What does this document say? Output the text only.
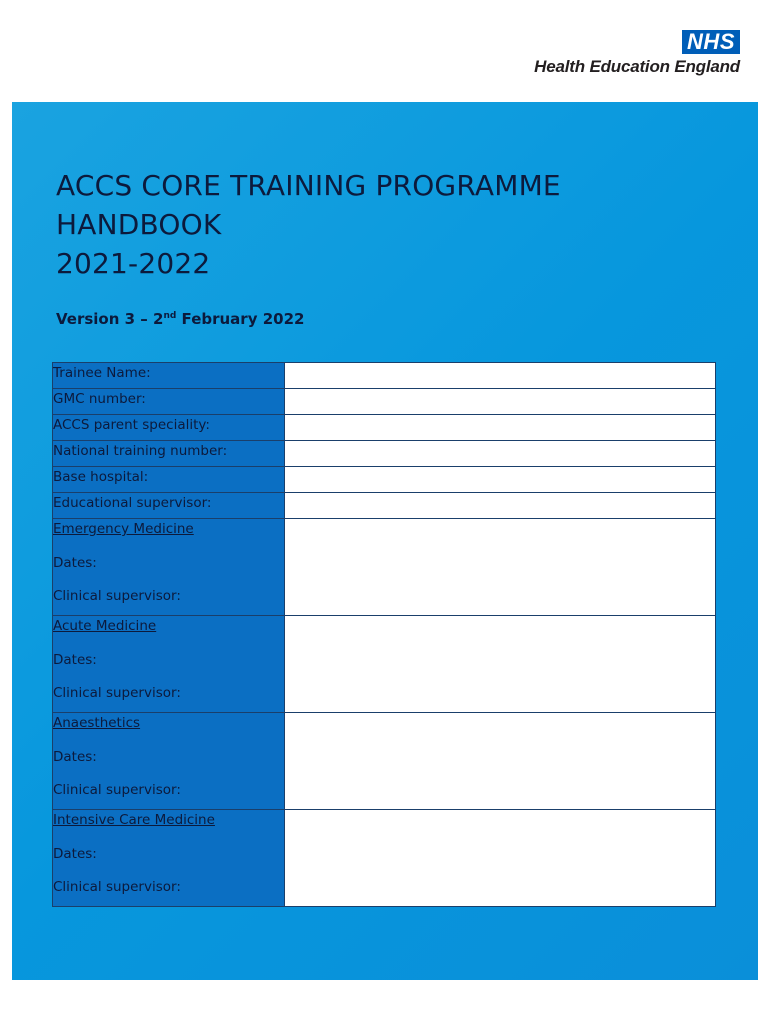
NHS
Health Education England
ACCS CORE TRAINING PROGRAMME
HANDBOOK
2021-2022
Version 3 – 2nd February 2022
Trainee Name:	
GMC number:	
ACCS parent speciality:	
National training number:	
Base hospital:	
Educational supervisor:	

Emergency Medicine
Dates:
Clinical supervisor:	

Acute Medicine
Dates:
Clinical supervisor:	

Anaesthetics
Dates:
Clinical supervisor:	

Intensive Care Medicine
Dates:
Clinical supervisor:	
